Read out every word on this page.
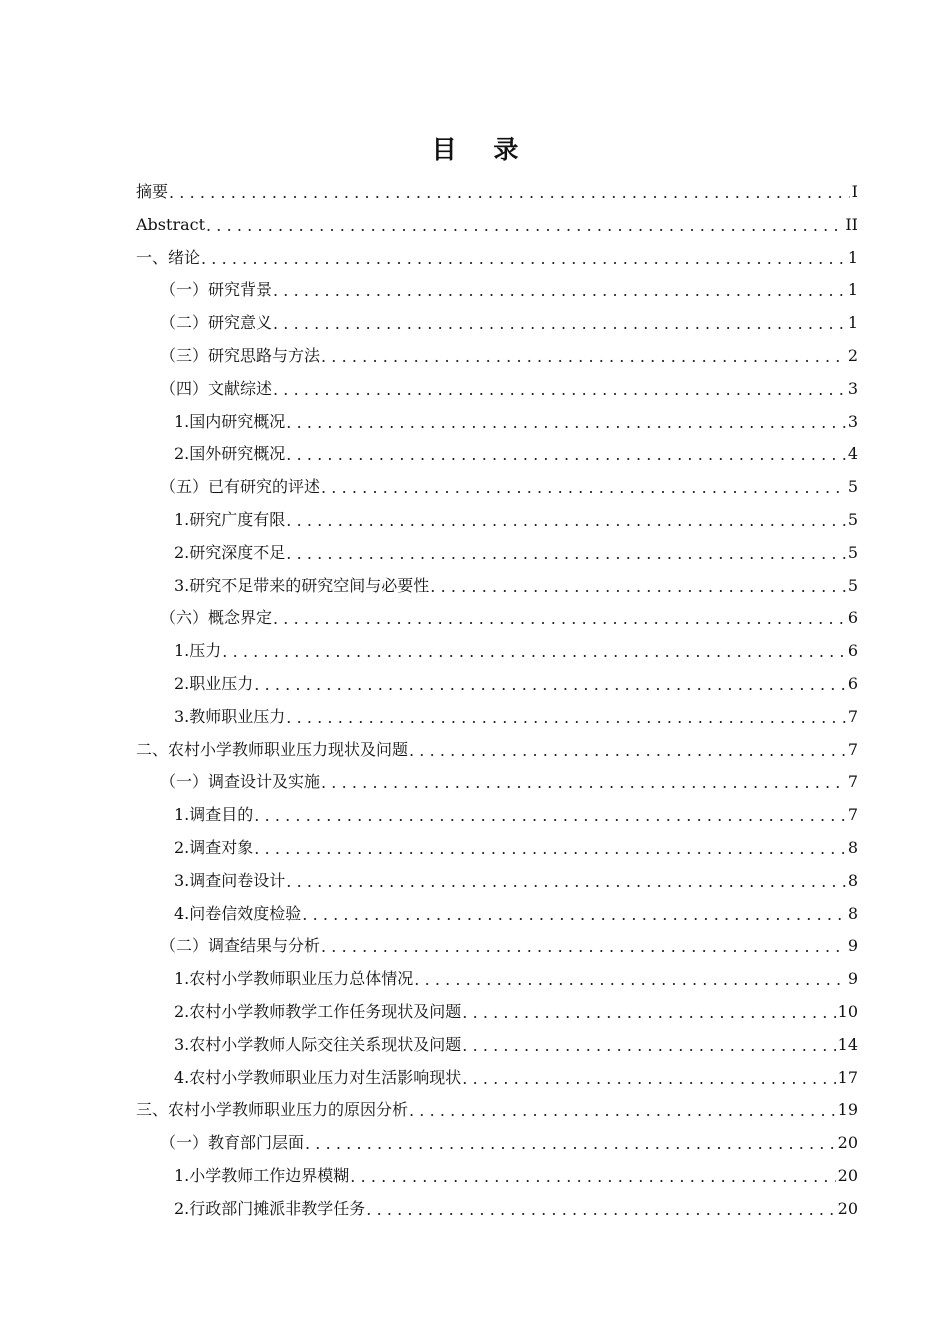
目 录
摘要 .....	I
Abstract .....	II
一、绪论 .....	1
（一）研究背景 .....	1
（二）研究意义 .....	1
（三）研究思路与方法 .....	2
（四）文献综述 .....	3
1.国内研究概况 .....	3
2.国外研究概况 .....	4
（五）已有研究的评述 .....	5
1.研究广度有限 .....	5
2.研究深度不足 .....	5
3.研究不足带来的研究空间与必要性 .....	5
（六）概念界定 .....	6
1.压力 .....	6
2.职业压力 .....	6
3.教师职业压力 .....	7
二、农村小学教师职业压力现状及问题 .....	7
（一）调查设计及实施 .....	7
1.调查目的 .....	7
2.调查对象 .....	8
3.调查问卷设计 .....	8
4.问卷信效度检验 .....	8
（二）调查结果与分析 .....	9
1.农村小学教师职业压力总体情况 .....	9
2.农村小学教师教学工作任务现状及问题 .....	10
3.农村小学教师人际交往关系现状及问题 .....	14
4.农村小学教师职业压力对生活影响现状 .....	17
三、农村小学教师职业压力的原因分析 .....	19
（一）教育部门层面 .....	20
1.小学教师工作边界模糊 .....	20
2.行政部门摊派非教学任务 .....	20
